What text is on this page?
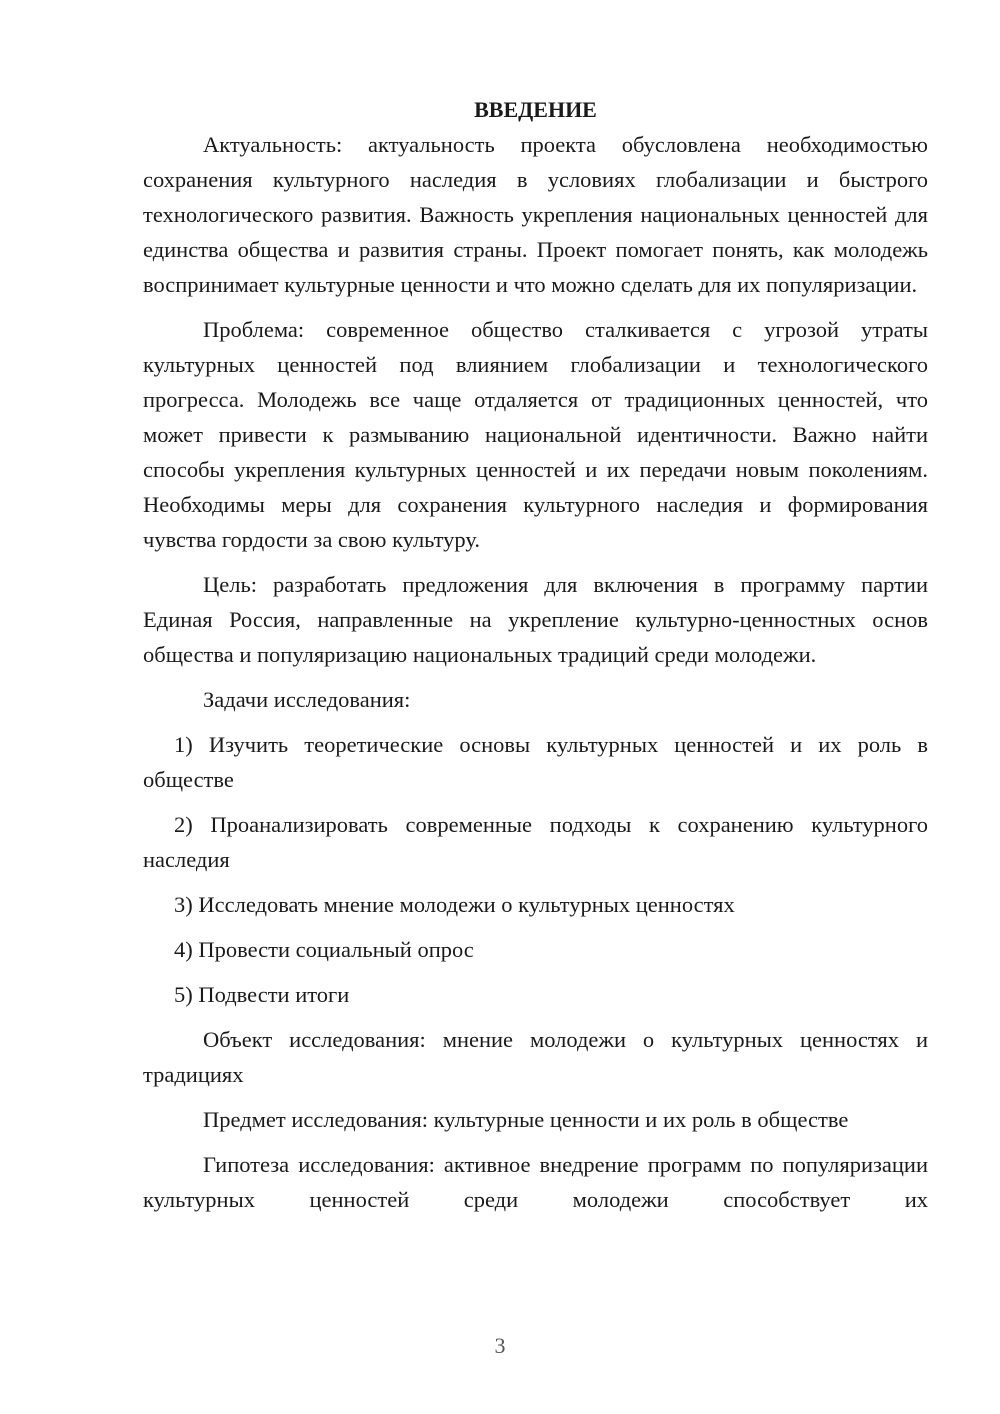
ВВЕДЕНИЕ

Актуальность: актуальность проекта обусловлена необходимостью сохранения культурного наследия в условиях глобализации и быстрого технологического развития. Важность укрепления национальных ценностей для единства общества и развития страны. Проект помогает понять, как молодежь воспринимает культурные ценности и что можно сделать для их популяризации.

Проблема: современное общество сталкивается с угрозой утраты культурных ценностей под влиянием глобализации и технологического прогресса. Молодежь все чаще отдаляется от традиционных ценностей, что может привести к размыванию национальной идентичности. Важно найти способы укрепления культурных ценностей и их передачи новым поколениям. Необходимы меры для сохранения культурного наследия и формирования чувства гордости за свою культуру.

Цель: разработать предложения для включения в программу партии Единая Россия, направленные на укрепление культурно-ценностных основ общества и популяризацию национальных традиций среди молодежи.

Задачи исследования:

1) Изучить теоретические основы культурных ценностей и их роль в обществе

2) Проанализировать современные подходы к сохранению культурного наследия

3) Исследовать мнение молодежи о культурных ценностях

4) Провести социальный опрос

5) Подвести итоги

Объект исследования: мнение молодежи о культурных ценностях и традициях

Предмет исследования: культурные ценности и их роль в обществе

Гипотеза исследования: активное внедрение программ по популяризации культурных ценностей среди молодежи способствует их

3
